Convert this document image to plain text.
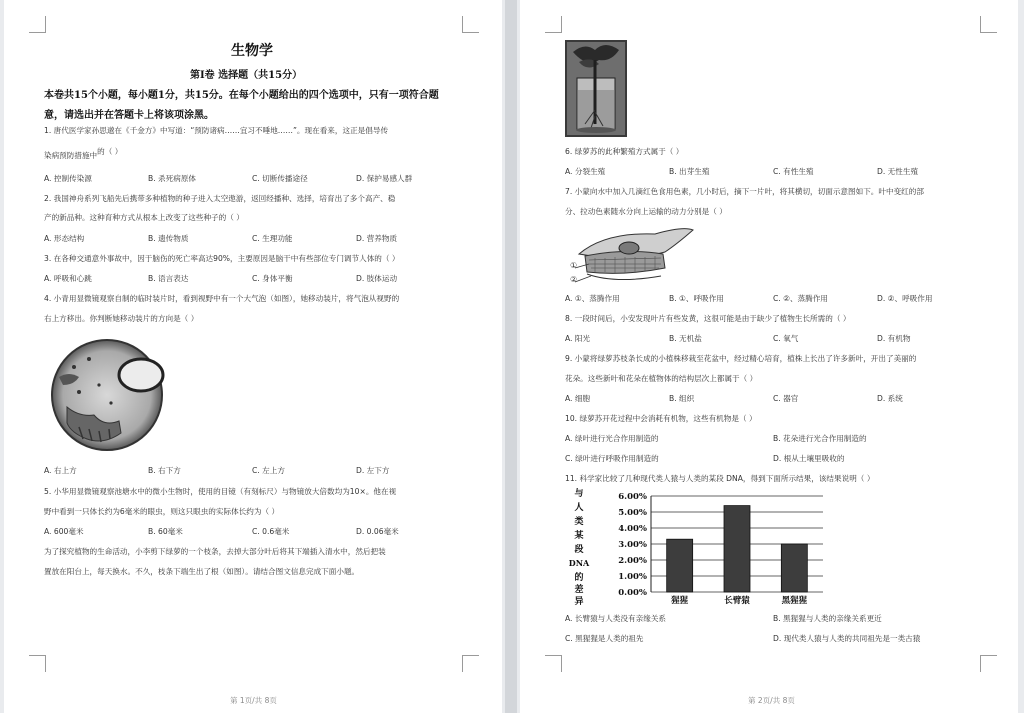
生物学
第Ⅰ卷 选择题（共15分）
本卷共15个小题，每小题1分，共15分。在每个小题给出的四个选项中，只有一项符合题
意，请选出并在答题卡上将该项涂黑。
1. 唐代医学家孙思邈在《千金方》中写道：“预防诸病……宜习不唾地……”。现在看来，这正是倡导传
染病预防措施中的（ ）
A. 控制传染源	B. 杀死病原体	C. 切断传播途径	D. 保护易感人群
2. 我国神舟系列飞船先后携带多种植物的种子进入太空遨游，返回经播种、选择，培育出了多个高产、稳
产的新品种。这种育种方式从根本上改变了这些种子的（ ）
A. 形态结构	B. 遗传物质	C. 生理功能	D. 营养物质
3. 在各种交通意外事故中，因于脑伤的死亡率高达90%，主要原因是脑干中有些部位专门调节人体的（ ）
A. 呼吸和心跳	B. 语言表达	C. 身体平衡	D. 肢体运动
4. 小青用显微镜观察自制的临时装片时，看到视野中有一个大气泡（如图），她移动装片，将气泡从视野的
右上方移出。你判断她移动装片的方向是（ ）
A. 右上方	B. 右下方	C. 左上方	D. 左下方
5. 小华用显微镜观察池塘水中的微小生物时，使用的目镜（有刻标尺）与物镜放大倍数均为10×。他在视
野中看到一只体长约为6毫米的眼虫，则这只眼虫的实际体长约为（ ）
A. 600毫米	B. 60毫米	C. 0.6毫米	D. 0.06毫米
为了探究植物的生命活动，小李剪下绿萝的一个枝条，去掉大部分叶后将其下端插入清水中，然后把装
置放在阳台上，每天换水。不久，枝条下端生出了根（如图）。请结合图文信息完成下面小题。
第 1页/共 8页
6. 绿萝苏的此种繁殖方式属于（ ）
A. 分裂生殖	B. 出芽生殖	C. 有性生殖	D. 无性生殖
7. 小蒙向水中加入几滴红色食用色素，几小时后，摘下一片叶，将其横切，切面示意图如下。叶中变红的部
分、拉动色素随水分向上运输的动力分别是（ ）
①
②
A. ①、蒸腾作用	B. ①、呼吸作用	C. ②、蒸腾作用	D. ②、呼吸作用
8. 一段时间后，小安发现叶片有些发黄，这很可能是由于缺少了植物生长所需的（ ）
A. 阳光	B. 无机盐	C. 氧气	D. 有机物
9. 小蒙将绿萝苏枝条长成的小植株移栽至花盆中，经过精心培育，植株上长出了许多新叶，开出了美丽的
花朵。这些新叶和花朵在植物体的结构层次上都属于（ ）
A. 细胞	B. 组织	C. 器官	D. 系统
10. 绿萝苏开花过程中会消耗有机物，这些有机物是（ ）
A. 绿叶进行光合作用制造的	B. 花朵进行光合作用制造的
C. 绿叶进行呼吸作用制造的	D. 根从土壤里吸收的
11. 科学家比较了几种现代类人猿与人类的某段 DNA，得到下面所示结果，该结果说明（ ）
与
人
类
某
段
DNA
的
差
异
0.00%
1.00%
2.00%
3.00%
4.00%
5.00%
6.00%
猩猩	长臂猿	黑猩猩
A. 长臂猿与人类没有亲缘关系	B. 黑猩猩与人类的亲缘关系更近
C. 黑猩猩是人类的祖先	D. 现代类人猿与人类的共同祖先是一类古猿
第 2页/共 8页
